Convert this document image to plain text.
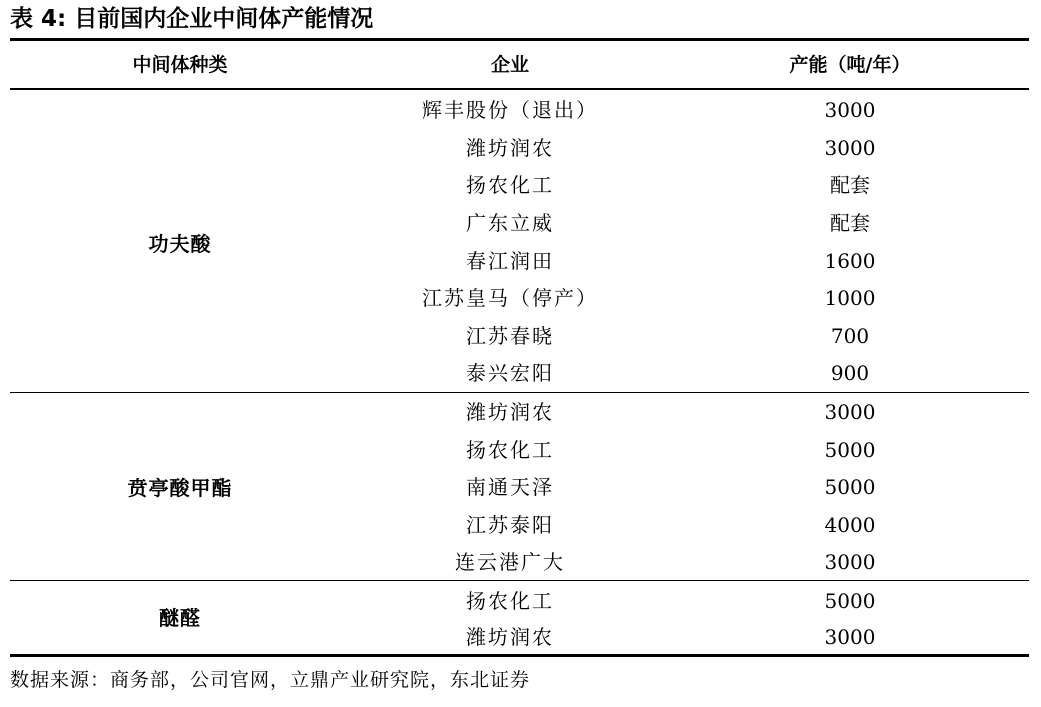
表 4: 目前国内企业中间体产能情况
中间体种类	企业	产能（吨/年）
功夫酸
辉丰股份（退出）	3000
潍坊润农	3000
扬农化工	配套
广东立威	配套
春江润田	1600
江苏皇马（停产）	1000
江苏春晓	700
泰兴宏阳	900
贲亭酸甲酯
潍坊润农	3000
扬农化工	5000
南通天泽	5000
江苏泰阳	4000
连云港广大	3000
醚醛
扬农化工	5000
潍坊润农	3000
数据来源：商务部，公司官网，立鼎产业研究院，东北证券
